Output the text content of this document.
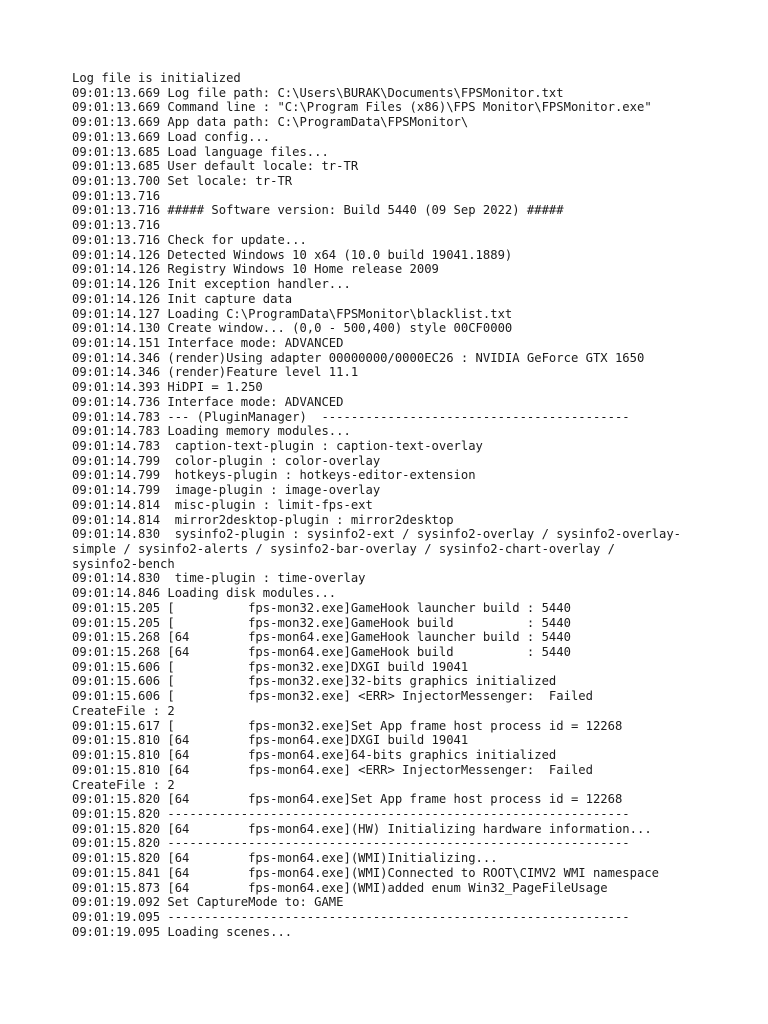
Log file is initialized
09:01:13.669 Log file path: C:\Users\BURAK\Documents\FPSMonitor.txt
09:01:13.669 Command line : "C:\Program Files (x86)\FPS Monitor\FPSMonitor.exe"
09:01:13.669 App data path: C:\ProgramData\FPSMonitor\
09:01:13.669 Load config...
09:01:13.685 Load language files...
09:01:13.685 User default locale: tr-TR
09:01:13.700 Set locale: tr-TR
09:01:13.716
09:01:13.716 ##### Software version: Build 5440 (09 Sep 2022) #####
09:01:13.716
09:01:13.716 Check for update...
09:01:14.126 Detected Windows 10 x64 (10.0 build 19041.1889)
09:01:14.126 Registry Windows 10 Home release 2009
09:01:14.126 Init exception handler...
09:01:14.126 Init capture data
09:01:14.127 Loading C:\ProgramData\FPSMonitor\blacklist.txt
09:01:14.130 Create window... (0,0 - 500,400) style 00CF0000
09:01:14.151 Interface mode: ADVANCED
09:01:14.346 (render)Using adapter 00000000/0000EC26 : NVIDIA GeForce GTX 1650
09:01:14.346 (render)Feature level 11.1
09:01:14.393 HiDPI = 1.250
09:01:14.736 Interface mode: ADVANCED
09:01:14.783 --- (PluginManager)  ------------------------------------------
09:01:14.783 Loading memory modules...
09:01:14.783  caption-text-plugin : caption-text-overlay
09:01:14.799  color-plugin : color-overlay
09:01:14.799  hotkeys-plugin : hotkeys-editor-extension
09:01:14.799  image-plugin : image-overlay
09:01:14.814  misc-plugin : limit-fps-ext
09:01:14.814  mirror2desktop-plugin : mirror2desktop
09:01:14.830  sysinfo2-plugin : sysinfo2-ext / sysinfo2-overlay / sysinfo2-overlay-
simple / sysinfo2-alerts / sysinfo2-bar-overlay / sysinfo2-chart-overlay /
sysinfo2-bench
09:01:14.830  time-plugin : time-overlay
09:01:14.846 Loading disk modules...
09:01:15.205 [          fps-mon32.exe]GameHook launcher build : 5440
09:01:15.205 [          fps-mon32.exe]GameHook build          : 5440
09:01:15.268 [64        fps-mon64.exe]GameHook launcher build : 5440
09:01:15.268 [64        fps-mon64.exe]GameHook build          : 5440
09:01:15.606 [          fps-mon32.exe]DXGI build 19041
09:01:15.606 [          fps-mon32.exe]32-bits graphics initialized
09:01:15.606 [          fps-mon32.exe] <ERR> InjectorMessenger:  Failed
CreateFile : 2
09:01:15.617 [          fps-mon32.exe]Set App frame host process id = 12268
09:01:15.810 [64        fps-mon64.exe]DXGI build 19041
09:01:15.810 [64        fps-mon64.exe]64-bits graphics initialized
09:01:15.810 [64        fps-mon64.exe] <ERR> InjectorMessenger:  Failed
CreateFile : 2
09:01:15.820 [64        fps-mon64.exe]Set App frame host process id = 12268
09:01:15.820 ---------------------------------------------------------------
09:01:15.820 [64        fps-mon64.exe](HW) Initializing hardware information...
09:01:15.820 ---------------------------------------------------------------
09:01:15.820 [64        fps-mon64.exe](WMI)Initializing...
09:01:15.841 [64        fps-mon64.exe](WMI)Connected to ROOT\CIMV2 WMI namespace
09:01:15.873 [64        fps-mon64.exe](WMI)added enum Win32_PageFileUsage
09:01:19.092 Set CaptureMode to: GAME
09:01:19.095 ---------------------------------------------------------------
09:01:19.095 Loading scenes...
